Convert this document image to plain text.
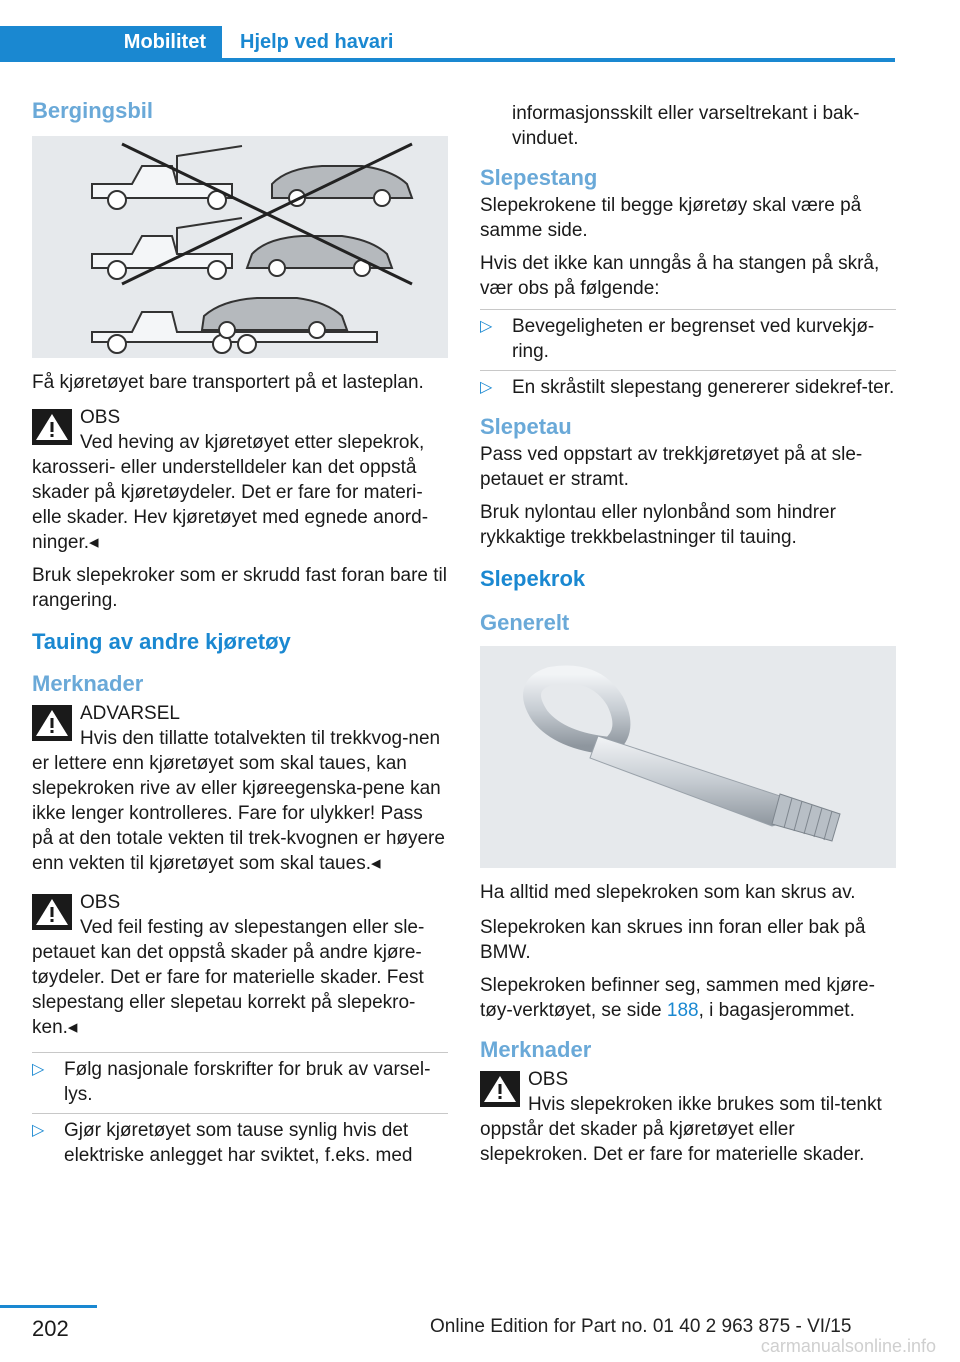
Mobilitet Hjelp ved havari
Bergingsbil
Få kjøretøyet bare transportert på et lasteplan.
OBS
Ved heving av kjøretøyet etter slepekrok, karosseri- eller understelldeler kan det oppstå skader på kjøretøydeler. Det er fare for materi-elle skader. Hev kjøretøyet med egnede anord-ninger.◂
Bruk slepekroker som er skrudd fast foran bare til rangering.
Tauing av andre kjøretøy
Merknader
ADVARSEL
Hvis den tillatte totalvekten til trekkvog-nen er lettere enn kjøretøyet som skal taues, kan slepekroken rive av eller kjøreegenska-pene kan ikke lenger kontrolleres. Fare for ulykker! Pass på at den totale vekten til trek-kvognen er høyere enn vekten til kjøretøyet som skal taues.◂
OBS
Ved feil festing av slepestangen eller sle-petauet kan det oppstå skader på andre kjøre-tøydeler. Det er fare for materielle skader. Fest slepestang eller slepetau korrekt på slepekro-ken.◂
▷ Følg nasjonale forskrifter for bruk av varsel-lys.
▷ Gjør kjøretøyet som tause synlig hvis det elektriske anlegget har sviktet, f.eks. med
informasjonsskilt eller varseltrekant i bak-vinduet.
Slepestang
Slepekrokene til begge kjøretøy skal være på samme side.
Hvis det ikke kan unngås å ha stangen på skrå, vær obs på følgende:
▷ Bevegeligheten er begrenset ved kurvekjø-ring.
▷ En skråstilt slepestang genererer sidekref-ter.
Slepetau
Pass ved oppstart av trekkjøretøyet på at sle-petauet er stramt.
Bruk nylontau eller nylonbånd som hindrer rykkaktige trekkbelastninger til tauing.
Slepekrok
Generelt
Ha alltid med slepekroken som kan skrus av.
Slepekroken kan skrues inn foran eller bak på BMW.
Slepekroken befinner seg, sammen med kjøre-tøy-verktøyet, se side 188, i bagasjerommet.
Merknader
OBS
Hvis slepekroken ikke brukes som til-tenkt oppstår det skader på kjøretøyet eller slepekroken. Det er fare for materielle skader.
202	Online Edition for Part no. 01 40 2 963 875 - VI/15
carmanualsonline.info
